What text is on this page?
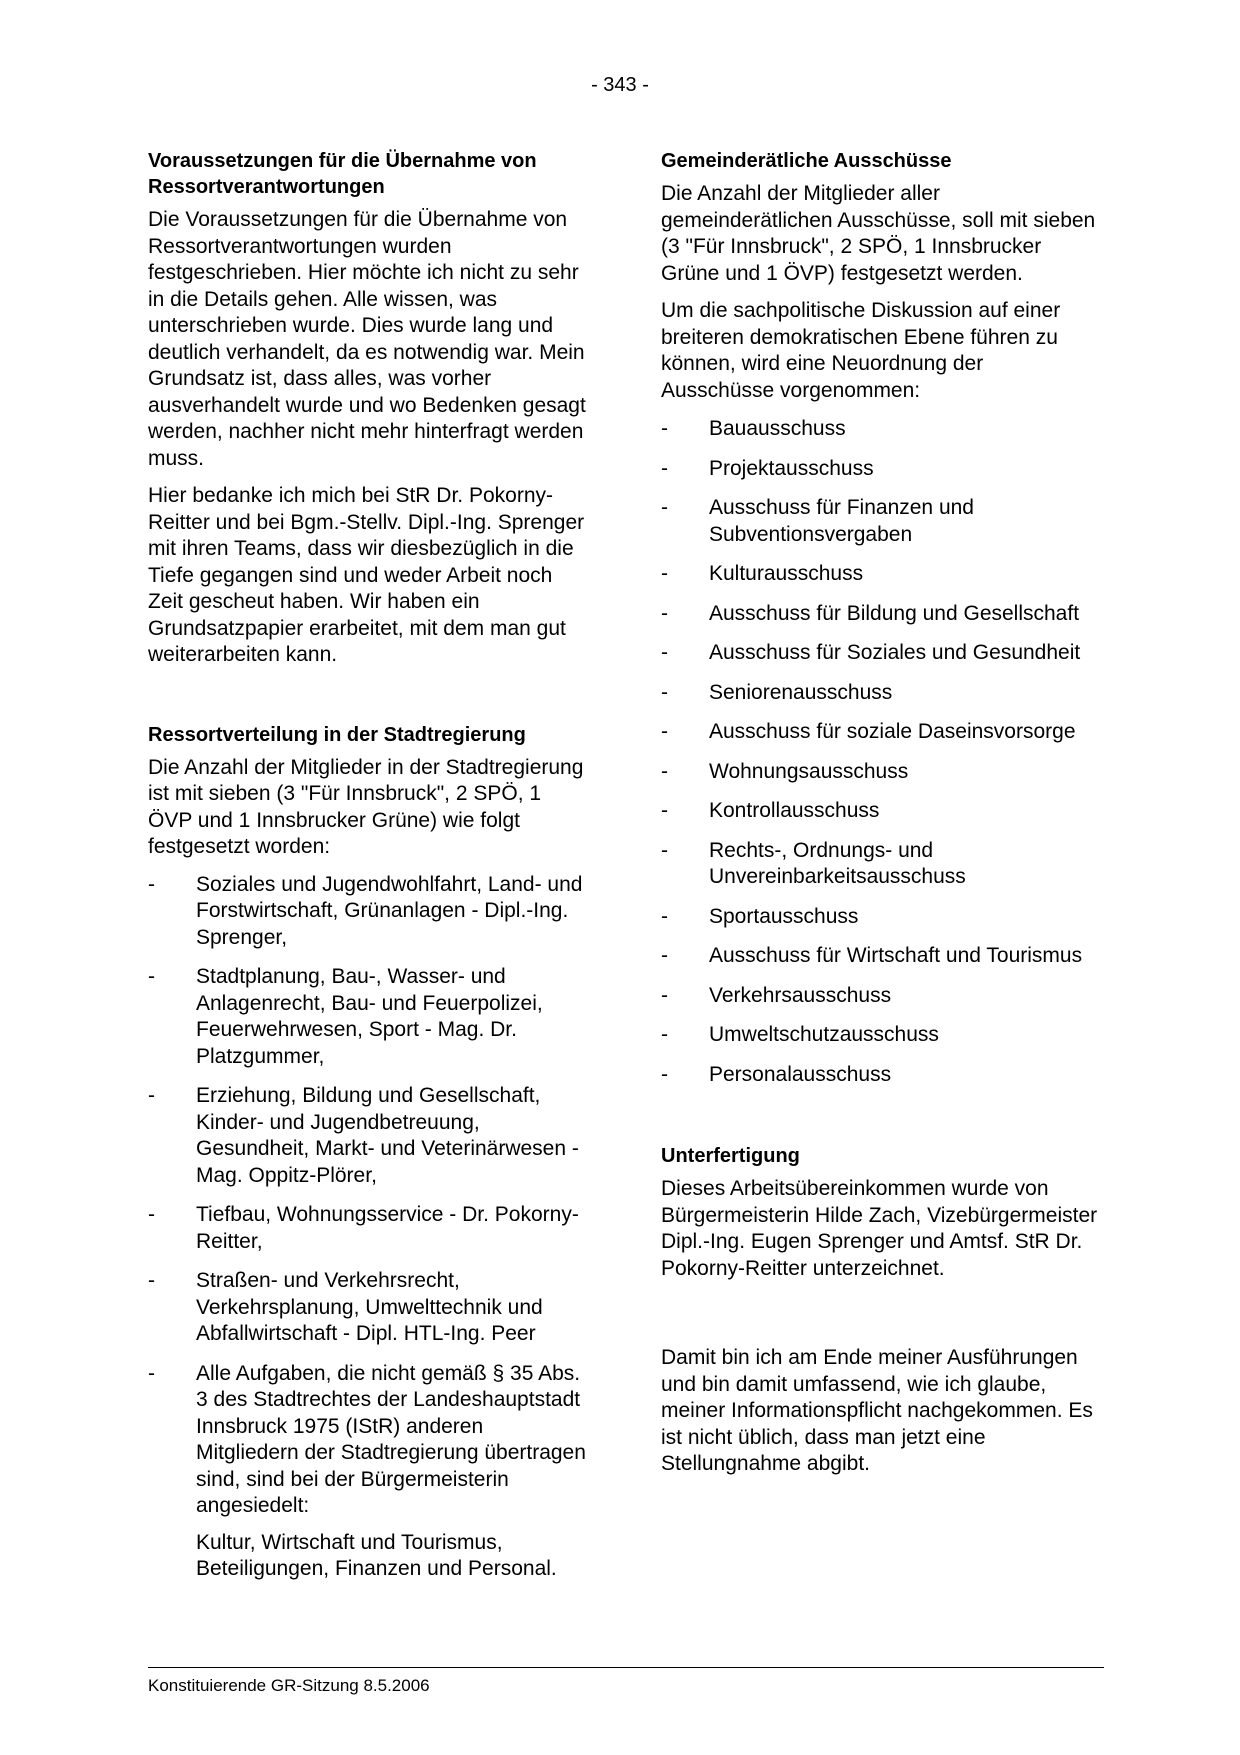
- 343 -
Voraussetzungen für die Übernahme von Ressortverantwortungen

Die Voraussetzungen für die Übernahme von Ressortverantwortungen wurden festgeschrieben. Hier möchte ich nicht zu sehr in die Details gehen. Alle wissen, was unterschrieben wurde. Dies wurde lang und deutlich verhandelt, da es notwendig war. Mein Grundsatz ist, dass alles, was vorher ausverhandelt wurde und wo Bedenken gesagt werden, nachher nicht mehr hinterfragt werden muss.

Hier bedanke ich mich bei StR Dr. Pokorny-Reitter und bei Bgm.-Stellv. Dipl.-Ing. Sprenger mit ihren Teams, dass wir diesbezüglich in die Tiefe gegangen sind und weder Arbeit noch Zeit gescheut haben. Wir haben ein Grundsatzpapier erarbeitet, mit dem man gut weiterarbeiten kann.

Ressortverteilung in der Stadtregierung

Die Anzahl der Mitglieder in der Stadtregierung ist mit sieben (3 "Für Innsbruck", 2 SPÖ, 1 ÖVP und 1 Innsbrucker Grüne) wie folgt festgesetzt worden:

- Soziales und Jugendwohlfahrt, Land- und Forstwirtschaft, Grünanlagen - Dipl.-Ing. Sprenger,
- Stadtplanung, Bau-, Wasser- und Anlagenrecht, Bau- und Feuerpolizei, Feuerwehrwesen, Sport - Mag. Dr. Platzgummer,
- Erziehung, Bildung und Gesellschaft, Kinder- und Jugendbetreuung, Gesundheit, Markt- und Veterinärwesen - Mag. Oppitz-Plörer,
- Tiefbau, Wohnungsservice - Dr. Pokorny-Reitter,
- Straßen- und Verkehrsrecht, Verkehrsplanung, Umwelttechnik und Abfallwirtschaft - Dipl. HTL-Ing. Peer
- Alle Aufgaben, die nicht gemäß § 35 Abs. 3 des Stadtrechtes der Landeshauptstadt Innsbruck 1975 (IStR) anderen Mitgliedern der Stadtregierung übertragen sind, sind bei der Bürgermeisterin angesiedelt:
Kultur, Wirtschaft und Tourismus, Beteiligungen, Finanzen und Personal.
Gemeinderätliche Ausschüsse

Die Anzahl der Mitglieder aller gemeinderätlichen Ausschüsse, soll mit sieben (3 "Für Innsbruck", 2 SPÖ, 1 Innsbrucker Grüne und 1 ÖVP) festgesetzt werden.

Um die sachpolitische Diskussion auf einer breiteren demokratischen Ebene führen zu können, wird eine Neuordnung der Ausschüsse vorgenommen:

- Bauausschuss
- Projektausschuss
- Ausschuss für Finanzen und Subventionsvergaben
- Kulturausschuss
- Ausschuss für Bildung und Gesellschaft
- Ausschuss für Soziales und Gesundheit
- Seniorenausschuss
- Ausschuss für soziale Daseinsvorsorge
- Wohnungsausschuss
- Kontrollausschuss
- Rechts-, Ordnungs- und Unvereinbarkeitsausschuss
- Sportausschuss
- Ausschuss für Wirtschaft und Tourismus
- Verkehrsausschuss
- Umweltschutzausschuss
- Personalausschuss
Unterfertigung

Dieses Arbeitsübereinkommen wurde von Bürgermeisterin Hilde Zach, Vizebürgermeister Dipl.-Ing. Eugen Sprenger und Amtsf. StR Dr. Pokorny-Reitter unterzeichnet.

Damit bin ich am Ende meiner Ausführungen und bin damit umfassend, wie ich glaube, meiner Informationspflicht nachgekommen. Es ist nicht üblich, dass man jetzt eine Stellungnahme abgibt.

Konstituierende GR-Sitzung 8.5.2006
